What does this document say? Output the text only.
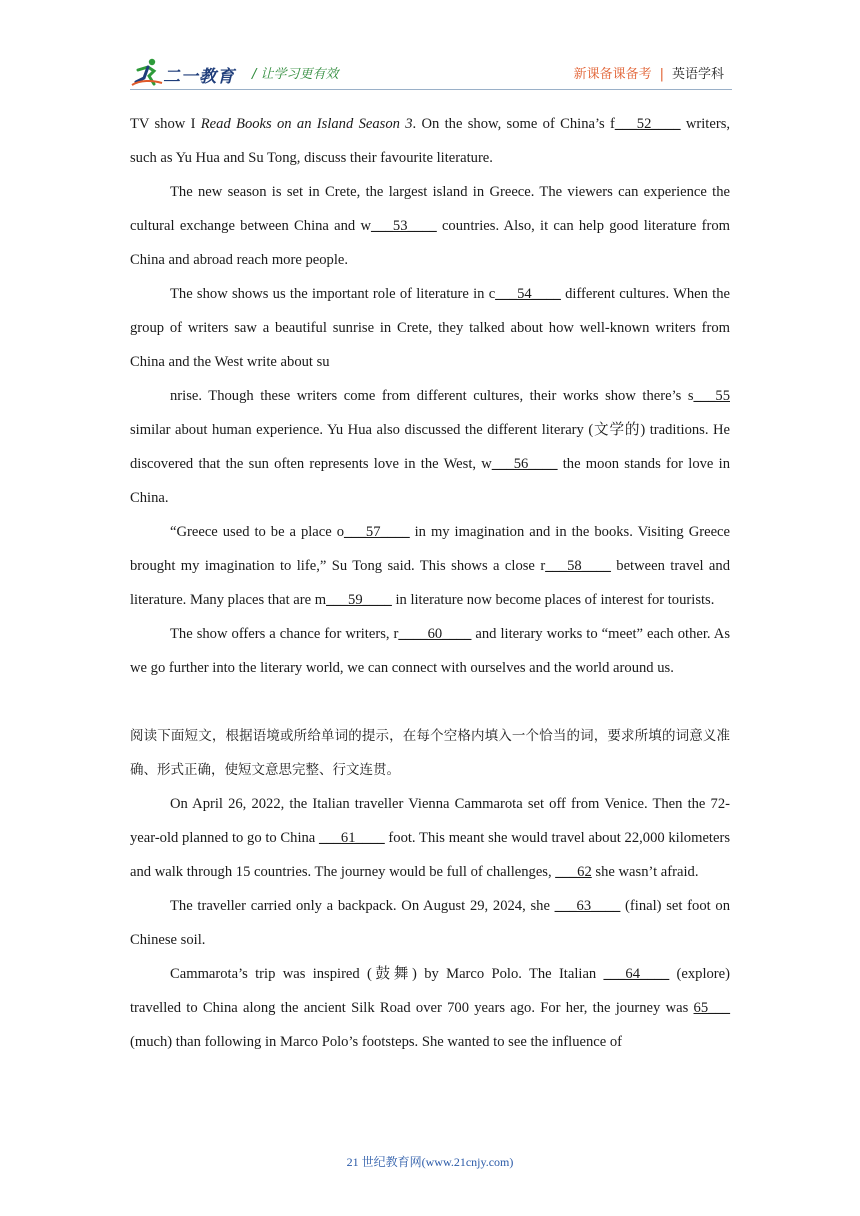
二一教育 / 让学习更有效	新课备课备考 | 英语学科

TV show I Read Books on an Island Season 3. On the show, some of China’s f___52____ writers, such as Yu Hua and Su Tong, discuss their favourite literature.

The new season is set in Crete, the largest island in Greece. The viewers can experience the cultural exchange between China and w___53____ countries. Also, it can help good literature from China and abroad reach more people.

The show shows us the important role of literature in c___54____ different cultures. When the group of writers saw a beautiful sunrise in Crete, they talked about how well-known writers from China and the West write about su

nrise. Though these writers come from different cultures, their works show there’s s___55 similar about human experience. Yu Hua also discussed the different literary (文学的) traditions. He discovered that the sun often represents love in the West, w___56____ the moon stands for love in China.

“Greece used to be a place o___57____ in my imagination and in the books. Visiting Greece brought my imagination to life,” Su Tong said. This shows a close r___58____ between travel and literature. Many places that are m___59____ in literature now become places of interest for tourists.

The show offers a chance for writers, r____60____ and literary works to “meet” each other. As we go further into the literary world, we can connect with ourselves and the world around us.

阅读下面短文，根据语境或所给单词的提示，在每个空格内填入一个恰当的词，要求所填的词意义准确、形式正确，使短文意思完整、行文连贯。

On April 26, 2022, the Italian traveller Vienna Cammarota set off from Venice. Then the 72-year-old planned to go to China ___61____ foot. This meant she would travel about 22,000 kilometers and walk through 15 countries. The journey would be full of challenges, ___62 she wasn’t afraid.

The traveller carried only a backpack. On August 29, 2024, she ___63____ (final) set foot on Chinese soil.

Cammarota’s trip was inspired (鼓舞) by Marco Polo. The Italian ___64____ (explore) travelled to China along the ancient Silk Road over 700 years ago. For her, the journey was 65___ (much) than following in Marco Polo’s footsteps. She wanted to see the influence of

21 世纪教育网(www.21cnjy.com)
